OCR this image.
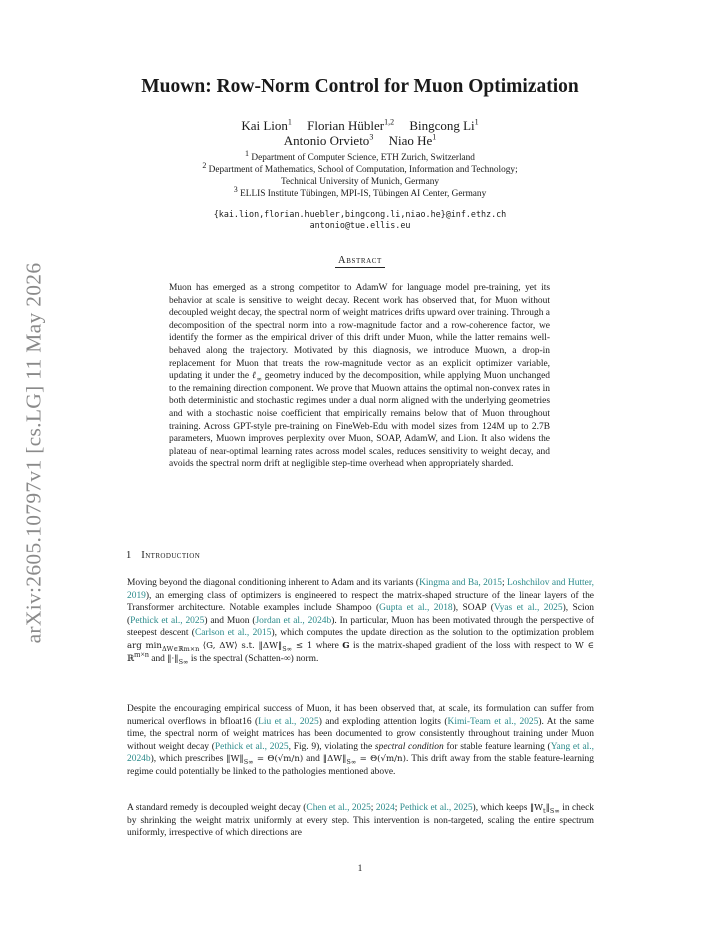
arXiv:2605.10797v1 [cs.LG] 11 May 2026
Muown: Row-Norm Control for Muon Optimization
Kai Lion$^1$ Florian Hübler$^{1,2}$ Bingcong Li$^1$
Antonio Orvieto$^3$ Niao He$^1$
$^1$ Department of Computer Science, ETH Zurich, Switzerland
$^2$ Department of Mathematics, School of Computation, Information and Technology;
Technical University of Munich, Germany
$^3$ ELLIS Institute Tübingen, MPI-IS, Tübingen AI Center, Germany
{kai.lion,florian.huebler,bingcong.li,niao.he}@inf.ethz.ch
antonio@tue.ellis.eu
Abstract

Muon has emerged as a strong competitor to AdamW for language model pre-training, yet its behavior at scale is sensitive to weight decay. Recent work has observed that, for Muon without decoupled weight decay, the spectral norm of weight matrices drifts upward over training. Through a decomposition of the spectral norm into a row-magnitude factor and a row-coherence factor, we identify the former as the empirical driver of this drift under Muon, while the latter remains well-behaved along the trajectory. Motivated by this diagnosis, we introduce Muown, a drop-in replacement for Muon that treats the row-magnitude vector as an explicit optimizer variable, updating it under the ℓ$_\infty$ geometry induced by the decomposition, while applying Muon unchanged to the remaining direction component. We prove that Muown attains the optimal non-convex rates in both deterministic and stochastic regimes under a dual norm aligned with the underlying geometries and with a stochastic noise coefficient that empirically remains below that of Muon throughout training. Across GPT-style pre-training on FineWeb-Edu with model sizes from 124M up to 2.7B parameters, Muown improves perplexity over Muon, SOAP, AdamW, and Lion. It also widens the plateau of near-optimal learning rates across model scales, reduces sensitivity to weight decay, and avoids the spectral norm drift at negligible step-time overhead when appropriately sharded.

1 Introduction

Moving beyond the diagonal conditioning inherent to Adam and its variants (Kingma and Ba, 2015; Loshchilov and Hutter, 2019), an emerging class of optimizers is engineered to respect the matrix-shaped structure of the linear layers of the Transformer architecture. Notable examples include Shampoo (Gupta et al., 2018), SOAP (Vyas et al., 2025), Scion (Pethick et al., 2025) and Muon (Jordan et al., 2024b). In particular, Muon has been motivated through the perspective of steepest descent (Carlson et al., 2015), which computes the update direction as the solution to the optimization problem arg $\min_{\Delta W\in ℝm\times n}$ ⟨G, ΔW⟩ s.t. $‖\Delta W‖_{S\infty} \le 1$ where G is the matrix-shaped gradient of the loss with respect to W ∈ ℝ$^{m\times n}$ and $‖\cdot‖_{S\infty}$ is the spectral (Schatten-∞) norm.

Despite the encouraging empirical success of Muon, it has been observed that, at scale, its formulation can suffer from numerical overflows in bfloat16 (Liu et al., 2025) and exploding attention logits (Kimi-Team et al., 2025). At the same time, the spectral norm of weight matrices has been documented to grow consistently throughout training under Muon without weight decay (Pethick et al., 2025, Fig. 9), violating the spectral condition for stable feature learning (Yang et al., 2024b), which prescribes $‖W‖_{S\infty} = \Theta(√m/n)$ and $‖\Delta W‖_{S\infty} = \Theta(√m/n)$. This drift away from the stable feature-learning regime could potentially be linked to the pathologies mentioned above.

A standard remedy is decoupled weight decay (Chen et al., 2025; 2024; Pethick et al., 2025), which keeps $‖W_t‖_{S\infty}$ in check by shrinking the weight matrix uniformly at every step. This intervention is non-targeted, scaling the entire spectrum uniformly, irrespective of which directions are

1
